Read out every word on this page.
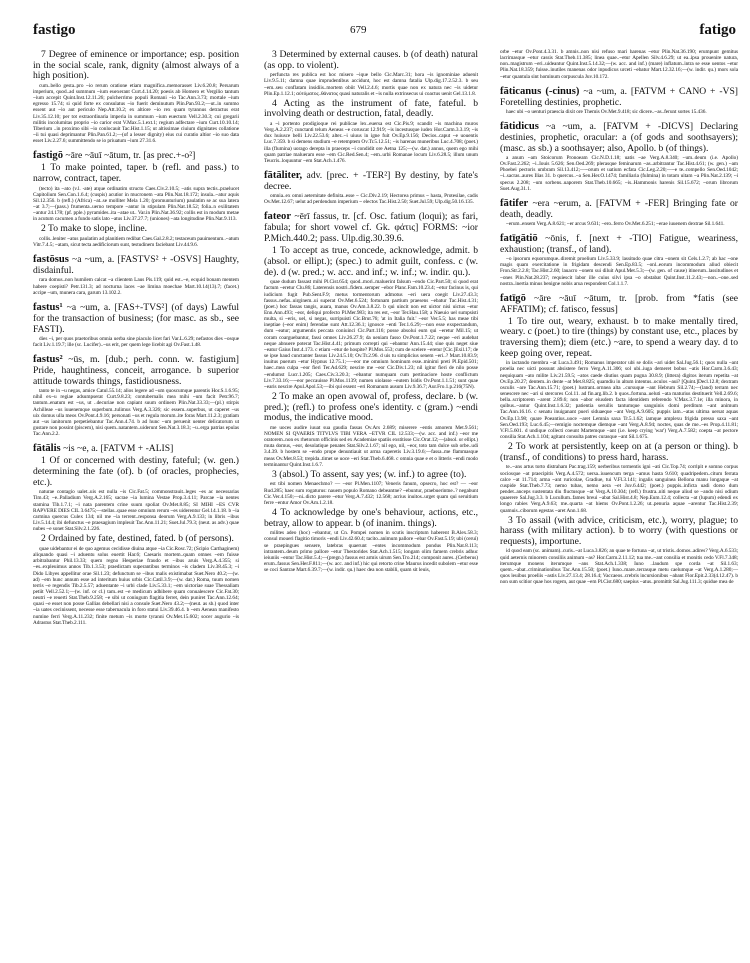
fastigo	679	fatigo
7 Degree of eminence or importance; esp. position in the social scale, rank, dignity (almost always of a high position).
cum..bello gesta..pro ~io rerum oratione etiam magnifica..memorasset Liv.6.20.8; Persarum imperium, quod..ad summum ~ium euexerant Curt.4.14.20; poesis ab Homero et Vergilio tantum ~ium accepit Quint.Inst.12.11.26; pulcherrimo populi Romani ~io Tac.Ann.3.73; mortale ~ium egresso 15.74; si quid forte ex consulatus ~io fuerit deminutum Plin.Pan.93.2;—ut..in summo essent aut ~io aut periculo Nep.Att.10.2; ex altiore ~io rex quam tyrannus detractus erat Liv.35.12.10; per tot extraordinaria imperia in summum ~ium euectum Vell.2.30.3; cui gregarii militis incolumitas proprio ~io carior erat V.Max.5.1.ext.1; regium adfectare ~ium Curt.10.10.14; Tiberium ..in proximo sibi ~io conlocauit Tac.Hist.1.15; ut altissimae ciuium dignitates collatione ~ii tui quasi deprimantur Plin.Pan.61.2;—(of a lesser dignity) eius cui curatio altior ~io suo data esset Liv.2.27.6; summittendo se io priuatum ~ium 27.31.6.
fastigō ~āre ~āuī ~ātum, tr. [as prec.+-o²]
1 To make pointed, taper. b (refl. and pass.) to narrow, contract, taper.
(tecto) ita ~ato (v.l. -ate) atque ordinatim structo Caes.Civ.2.10.5; ~atis supra tectis..praelucet Capitolium Sen.Con.1.6.4; (cuspis) acutior in mucronem ~ata Plin.Nat.18.172; insula..~atur aquis Sil.12.356. b (refl.) (Africa) ~at..se molliter Mela 1.20; (promunturium) paulatim se ac sua latera ~at 3.7;—(pass.) frumenta..uerno tempore ~antur in stipulam Plin.Nat.18.52; folia..n exilitatem ~antur 24.178; (pf. pple.) pyramides..ita ~atae ut.. Var.in Plin.Nat.36.92; collis est in modum metae in acutum cacumen a fundo satis lato ~atus Liv.37.27.7; (uniones) ~ata longitudine Plin.Nat.9.113.
2 To make to slope, incline.
collis..leniter ~atus paulatim ad planitiem redibat Caes.Gal.2.8.2; testaceum pauimentum..~atum Vitr.7.4.5; ~atam, sicut tecta aedificiorum sunt, testudinem faciebant Liv.44.9.6.
fastōsus ~a ~um, a. [FASTVS² + -OSVS] Haughty, disdainful.
rara domus..non humilem calcat ~a clientem Laus Pis.119; quid est..~e, ecquid bonam mentem habere coepisti? Petr.131.3; ad nocturna laces ~ae limina moechae Mart.10.14(13).7; (facet.) accipe ~um, munera cara, garum 13.102.2.
fastus¹ ~a ~um, a. [FAS+-TVS²] (of days) Lawful for the transaction of business; (for masc. as sb., see FASTI).
dies ~i, per quos praetoribus omnia uerba sine piaculo licet fari Var.L.6.29; nefastos dies ~osque facit Liv.1.19.7; ille (sc. Lucifer)..~us erit, per quem lege licebit agi Ov.Fast.1.48.
fastus² ~ūs, m. [dub.; perh. conn. w. fastigium] Pride, haughtiness, conceit, arrogance. b superior attitude towards things, fastidiousness.
tanto te in ~u negas, amice Catul.55.14; alios legere ad ~um quoscumque parentis Hor.S.1.6.95; nihil ex~u regiae adsumpserat Curt.9.8.23; contubernalis mea mihi ~um facit Petr.96.7; tantum..enatum est ~us, ut ..decuriae non capiant suum ordinem Plin.Nat.33.33;—(pl.) stirpis Achilleae ~us iuuenemque superbum..tulimus Verg.A.3.326; sic essem..superbus, ut caperet ~us uix domus ulla meos Ov.Pont.4.9.16; personati ~us et regula morum..ite foras Mart.11.2.3; gratiam aut ~us ianitorum perpetiebantur Tac.Ann.4.74. b ad hunc ~um peruenit uenter delicatorum ut gustare non possint (piscem), nisi quem..natantem..uiderunt Sen.Nat.3.18.3; ~u..erga patrias epulas Tac.Ann.2.2.
fātālis ~is ~e, a. [FATVM + -ALIS]
1 Of or concerned with destiny, fateful; (w. gen.) determining the fate (of). b (of oracles, prophecies, etc.).
naturae contagio ualet..uis est nulla ~is Cic.Fat.5; commonstrauit..leges ~es ac necessarias Tim.43; ~e..Palladium Verg.A.2.165; sacrae ~ia lumina Vestae Prop.3.4.11; Parcae ~ia nentes stamina Tib.1.7.1; ~i nata parentem crine suum spoliat Ov.Met.8.85; SI MIHI ~ES CVR RAPVERE DIES CIL 3.6475;—stellas..quae esse omnium rerum ~es uiderentur Gel.14.1.18. b ~ia carmina quercus Culex 134; nil me ~ia terrent..responsa deorum Verg.A.9.133; in libris ~ibus Liv.5.14.4; ibi defunctus ~e praesagium impleuit Tac.Ann.11.21; Suet.Jul.79.3; (neut. as adv.) quae nubes ~e sonet Stat.Silv.2.1.226.
2 Ordained by fate, destined, fated. b (of persons).
quae uidebantur ei de quo agemus cecidisse diuina atque ~ia Cic.Rosc.72; (Scipio Carthaginem) aliquando quasi ~i aduentu solus euertit Har.6; Caesaris mortem..quam omnes ~em fuisse arbitrabantur Phil.13.33; quem regno Hesperiae fraudo et ~ibus aruis Verg.A.4.355; si ~es..expleuimus annos Tib.1.3.53; praedictam superantibus terminos ~is cladem Liv.38.45.3; ~i Dido Libyes appellitur orae Sil.1.23; defunctum se ~ibus malis existimabat Suet.Nero 40.2;—(w. ad) ~em hunc annum esse ad interitum huius urbis Cic.Catil.3.9;—(w. dat.) Roma, tuum nomen terris ~e regendis Tib.2.5.57; aduentante ~i urbi clade Liv.5.33.1; ~em uictoriae suae Thessaliam petiit Vell.2.52.1;—(w. inf. or cl.) tam..est ~e medicum adhibere quam conualescere Cic.Fat.30; neutri ~e reuerti Stat.Theb.9.258; ~e sibi ut coniugum flagitia ferret, dein puniret Tac.Ann.12.64; quasi ~e esset non posse Gallias debellari nisi a consule Suet.Nero 43.2;—(neut. as sb.) quod inter ~ia uates cecinissent, necesse esse tabernacula in foro statui Liv.39.46.4. b ~em Aenean manifesto numine ferri Verg.A.11.232; finite metum ~is morte tyranni Ov.Met.15.602; socer augurio ~is Adrastus Stat.Theb.2.111.
3 Determined by external causes. b (of death) natural (as opp. to violent).
perfuncta res publica est hoc misero ~ique bello Cic.Marc.31; hora ~is ignominiae aduenit Liv.9.5.11; damna quae imprudentibus accidunt, hoc est damna fatalia Ulp.dig.17.2.52.3. b seu ~em..seu conflatam insidiis..mortem obiit Vell.2.4.6; mortis quae non ex natura nec ~is uidetur Plin.Ep.1.12.1; αὐτόματος..θάνατος quasi naturalis et ~is nulla extrinsecus ui coactus uenit Gel.13.1.8.
4 Acting as the instrument of fate, fateful. b involving death or destruction, fatal, deadly.
a ~i portento prodigioque rei publicae lex..euersa est Cic.Pis.9; scandit ~is machina muros Verg.A.2.237; cunctanti telum Aeneas ~e coruscat 12.919; ~is incestusque iudex Hor.Carm.3.3.19; ~is dux huiusce belli Liv.22.53.6; alter..~i uiuus in igne fuit Ov.Ep.9.156; Decios..caput ~e uouentis Luc.7.359. b si demens studium ~e retemptem Ov.Tr.5.12.51; ~is harenas muneribus Luc.4.708; (poet.) illa (flumina) uorago derepta in praeceps ~i condidit ore Aetna 125;—(w. dat.) annus, quem ego mihi quam patriae malueram esse ~em Cic.Red.Sen.4; ~em..urbi Romanae locum Liv.6.28.5; illum unum Teucris..loquuntur ~em Stat.Ach.1.476.
fātāliter, adv. [prec. + -TER²] By destiny, by fate's decree.
omnia..ex omni aeternitate definita..esse ~ Cic.Div.2.19; Hectorea primus ~ hasta, Protesilae, cadis Ov.Met.12.67; uelut ad perdendum imperium ~ electos Tac.Hist.2.50; Suet.Jul.59; Ulp.dig.50.16.135.
fateor ~ērī fassus, tr. [cf. Osc. fatium (loqui); as fari, fabula; for short vowel cf. Gk. φάτις] FORMS: ~ior P.Mich.440.2; pass. Ulp.dig.30.39.6.
1 To accept as true, concede, acknowledge, admit. b (absol. or ellipt.); (spec.) to admit guilt, confess. c (w. de). d (w. pred.; w. acc. and inf.; w. inf.; w. indir. qu.).
quae dudum fassast mihi Pl.Cist.654; quod..mori..maluerint falsum ~endo Cic.Part.50; si quod erat factum ~eretur Clu.86; Laterensis nostri..fidem..semper ~ebor Planc.Fam.10.23.4; ~etur facinus is, qui iudicium fugit Pub.Sent.F.9; metus tormentorum admotus ~eri uera coegit Liv.27.43.3; fassus..nefas..uirginem..ui superat Ov.Met.6.524; fortunam partium praesens ~ebatur Tac.Hist.4.31; (poet.) hoc fassas tangis, auara, manus Ov.Am.3.8.22. b qui uincit non est uictor nisi uictus ~etur Enn.Ann.493; ~eor, deliqui profecto Pl.Mer.983; ita res est, ~eor Ter.Hau.158; a Naeuio uel sumpsisti multa, si ~eris, uel, si negas, surripuisti Cic.Brut.76; 'at in Italia fuit.' ~eor Ver.5.5; has meae tibi ineptiae (~eor enim) ferendae sunt Att.12.36.1; ignosce ~enti Ter.1.6.29;—non esse exspectandum, dum ~eatur; argumentis peccata coniuinci Cic.Part.116; posse absolui eum qui ~eretur Mil.15; ut coram coarguebantur, fassi omnes Liv.26.27.9; da ueniam fasso Ov.Pont.1.7.22; neque ~eri audebat neque abnuere poterat Tac.Hist.4.41; primum correpti qui ~ebantur Ann.15.44; siue quis neget siue ~eatur Gaius Inst.4.173. c etiam ~etur de hospite? Pl.Mos.553; cum de scelere ~eretur [Cic.]Exil.17; de se ipse haud cunctanter fassus Liv.24.5.10; Ov.Tr.2.96. d uis tu simplicius senem ~eri..? Mart.10.83.9; inuitus puerum ~etur Hypnus 12.75.1;—~eor me omnium hominum esse..minimi preti Pl.Epid.501; haec..mea culpa ~eor fieri Ter.Ad.629; nescire me ~eor Cic.Div.1.23; nil igitur fieri de nilo posse ~endumst Lucr.1.205; Caes.Civ.3.20.3; ~ebantur numquam cum pertinaciore hoste conflictum Liv.7.33.16;—~eor peccauisse Pl.Mos.1139; numen uiolasse ~eutem Isidis Ov.Pont.1.1.51; sunt quae ~earis nescire Apul.Apol.53;—ibi qui essent ~eri Romanum ausum Liv.9.36.7; Aur.Fro.1.p.216(75N).
2 To make an open avowal of, profess, declare. b (w. pred.); (refl.) to profess one's identity. c (gram.) ~endi modus, the indicative mood.
me uoces audire iuuat sua gaudia fassas Ov.Ars 2.689; miserere ~entis amorem Met.9.561; NOMEN SI QVAERIS TITVLVS TIBI VERA ~ETVR CIL 12.533;—(w. acc. and inf.) ~eor me oratorem..non ex rhetorum officinis sed ex Academiae spatiis exstitisse Cic.Orat.12;—(absol. or ellipt.) muta domus, ~eor, desolatique penates Stat.Silv.2.1.67; nil ego, nil, ~eor, toto tam dulce sub orbe..udi 3.4.39. b hostem se ~endo prope denuntiauit ut arma caperetis Liv.3.19.6;—fassa..me flammasque meas Ov.Met.8.53; trepida..timet se uoce ~eri Stat.Theb.6.468. c omnia quae e et o litteris ~endi modo terminantur Quint.Inst.1.6.7.
3 (absol.) To assent, say yes; (w. inf.) to agree (to).
est tibi nomen Menaechmo? — ~eor Pl.Men.1107; Veneris fanum, opsecro, hoc est? — ~eor Rud.285; haec sum rogaturus: nauem populo Romano debeantne? ~ebuntur, praebuerintne..? negabunt Cic.Ver.4.150;—ni..dicto parere ~etur Verg.A.7.432; 12.568; acrius inuitos..urget quam qui seruitium ferre ~entur Amor Ov.Am.1.2.18.
4 To acknowledge by one's behaviour, actions, etc., betray, allow to appear. b (of inanim. things).
milites adeo (hoc) ~ebantur, ut Cn. Pompei nomen in scutis inscriptum haberent B.Alex.58.3; consul moueri flagitio timoris ~endi Liv.42.60.4; tacito..animum pallore ~ebar Ov.Fast.5.19; ubi (cerui) se praepingues sensere, latebras quaerunt ~entes incommodum pondus Plin.Nat.8.113; intrantem..deum primo pallore ~etur Thestorides Stat.Ach.1.515; longam olim famem crebris adhuc ieiuniis ~entur Tac.Hist.5.4;—(pregn.) fassus est armis uirum Sen.Tro.214; componit aures..(Cerberus) erum..fassus Sen.Her.F.811;—(w. acc. and inf.) hic qui retorto crine Maurus incedit subolem ~etur esse se coci Santrae Mart.6.39.7;—(w. indir. qu.) haec dea non stabili, quam sit leuis,
orbe ~etur Ov.Pont.4.3.31. b amnis..non nisi refuso mari harenas ~etur Plin.Nat.36.190; erumpunt gemitus lacrimasque ~etur cassis Stat.Theb.11.385; linea quae..~etur Apellen Silv.4.6.29; ut ea..ipsa prouenire natura, non..magistrum ~eri..uideantur Quint.Inst.5.14.32;—(w. acc. and inf.) (mare) inflatum..intra se esse uentos ~etur Plin.Nat.18.359; fuisse..inutiles manenas odor inpudicus urceti ~ebatur Mart.12.32.16;—(w. indir. qu.) mors sola ~etur quantula sint hominum corpuscula Juv.10.172.
fāticanus (-cinus) ~a ~um, a. [FATVM + CANO + -VS] Foretelling destinies, prophetic.
haec ubi ~o uenturi praescia dixit ore Themis Ov.Met.9.418; sic dicere..~as..ferunt sortes 15.436.
fātidicus ~a ~um, a. [FATVM + -DICVS] Declaring destinies, prophetic, oracular: a (of gods and soothsayers); (masc. as sb.) a soothsayer; also, Apollo. b (of things).
a anum ~am Stoicorum Pronoeam Cic.N.D.1.18; uatis ~ae Verg.A.8.340; ~um..deum (i.e. Apollo) Ov.Fast.2.262; ~i..Iouis 5.626; Sen.Oed.269; plerasque feminarum ~as..arbitrantur Tac.Hist.4.61; (w. gen.) ~am Phoebei pectoris umbram Sil.13.412;—~orum et uatium ecfata Cic.Leg.2.20;—~e te..compello Sen.Oed.1042; ~i..sacras..aures Ilias 31. b quercus..~a Sen.Her.O.1474; familiaria (fulmina) in totam uitam ~a Plin.Nat.2.139; ~i specus 2.208; ~um sorbens..uaporem Stat.Theb.10.665; ~is..Hammonis harenis Sil.15.672; ~orum librorum Suet.Aug.31.1.
fātifer ~era ~erum, a. [FATVM + -FER] Bringing fate or death, deadly.
~erum..ensem Verg.A.8.621; ~er arcus 9.631; ~ero..ferro Ov.Met.6.251; ~erae iuuenem dextrae Sil.1.641.
fatīgātiō ~ōnis, f. [next + -TIO] Fatigue, weariness, exhaustion; (transf., of land).
~o ipsorum equorumque..diremit proelium Liv.5.33.9; lassitudo quae citra ~onem sit Cels.1.2.7; ab hac ~one magis quam exercitatione in frigidam descendi Sen.Ep.83.5; ~onl..eorum incommodum aliud obiecit Fron.Str.2.2.8; Tac.Hist.2.60; lauacro ~onem sui diluit Apul.Met.5.3;—(w. gen. of cause) itinerum..lassitudines et ~ones Plin.Nat.28.237; requiescit labor ille cuius silvi ipsa ~o obstabat Quint.Inst.11.2.43;—non..~one..sed nostra..inertia minus benigne nobis arua respondent Col.1.1.7.
fatīgō ~āre ~āuī ~ātum, tr. [prob. from *fatis (see AFFATIM); cf. fatisco, fessus]
1 To tire out, weary, exhaust. b to make mentally tired, weary. c (poet.) to tire (things) by constant use, etc., places by traversing them); diem (etc.) ~are, to spend a weary day. d to keep going over, repeat.
in iactando membra ~at Luca.3.491; Romanus imperator ubi se dolis ~ari uidet Sal.Jug.56.1; quos nulla ~ant proelia nec uicti possunt absistere ferro Verg.A.11.306; sol ubi..iuga demeret bobus ~atis Hor.Carm.3.6.43; nequiquam ~ato milite Liv.21.59.5; ~atos caede diutius quam pugna 30.8.9; (littera) digitos iterum repetita ~at Ov.Ep.20.27; dentem..in dente ~at Met.8.825; quamdiu in altum intentus..oculos ~aui? [Quint.]Decl.12.8; dextram osculis ~are Tac.Ann.15.71; (poet.) lustrant..ornnea alta ..cursuque ~ant Hebrum Sil.2.74;—(land) terram nec senescere nec ~ari si stercores Col.11. ad fin.arg.lib.2. b quos..fortuna..ueluti ~ata maturius destituerit Vell.2.69.6; bella..scriptorem ~arent 2.89.6; non ~abor eiusdem facta identidem referendo V.Max.3.7.1e; illa minora, in quibus..~antur Quint.Inst.1.6.32; patientia seruilis tantumque sanguinis domi perditum ~ant animum Tac.Ann.16.16. c senatu inuiganant pueri siduaeque ~ant Verg.A.9.605; puppis iam..~atas ultima uersat aquas Ov.Ep.13.98; quare Poeantius..uoce ~aret Lemnia saxa Tr.5.1.62; iamque amplexu frigida presso saxa ~ant Sen.Oed.193; Luc.6.45;—remigio noctemque diemque ~ant Verg.A.8.94; noctes, quas de me..~es Prop.4.11.81; V.Fl.5.601. d undique collecti coeunt Martemque ~ant (i.e. keep crying 'war') Verg.A.7.582; coepta ~at pectore consilia Stat.Ach.1.104; agitant consulta patres curasque ~ant Sil.1.675.
2 To work at persistently, keep on at (a person or thing). b (transf., of conditions) to press hard, harass.
te..~ans artus torto distraham Pac.trag.159; uerberibus tormentis igni ~ati Cic.Top.74; corripit e somno corpus sociosque ~at praecipitis Verg.A.4.572; uersa..iuuencum terga ~amus hasta 9.610; quadripedem..citum ferrata calce ~at 11.714; arma ~ant ruricolae, Gradiue, tui V.Fl.3.141; ingalis sanguinea Bellona manu longaque ~at cuspide Stat.Theb.7.73; nemo tubas, nemo aera ~et Juv.6.442; (poet.) puppis..inficta uadi dorso dum pendet..anceps sustentata diu fluctusque ~at Verg.A.10.304; (refl.) frustra..niti neque aliud se ~ando nisi odium quaerere Sal.Jug.3.3. b Lucullum..fames breui ~abat Sal.Hist.4.8; Nep.Eum.12.4; collecta ~at (lupum) edendi ex longo rabies Verg.A.9.63; me..quarta ~at hiems Ov.Pont.1.2.26; ut..penuria aquae ~arentur Tac.Hist.2.39; quamuis..ciborum egestas ~aret Ann.1.68.
3 To assail (with advice, criticism, etc.), worry, plague; to harass (with military action). b to worry (with questions or requests), importune.
id quod eam (sc. animam)..curis..~at Luca.3.826; an quae te fortuna ~at, ut tristis..domos..adires? Verg.A.6.533; quid aeternis minorem consiliis animum ~as? Hor.Carm.2.11.12; tua me..~ant consilia et monitis cedo V.Fl.7.348; iterumque monens iterumque ~ans Stat.Ach.1.338; Iuno ..laudum spe corda ~at Sil.1.63; quem..~abat..criminationibus Tac.Ann.15.50; (poet.) Iuno..mare..terrasque metu caelumque ~at Verg.A.1.280;—quos leuibus proeliis ~astis Liv.27.13.4; 28.16.4; Vaccaeos..crebris incursionibus ~abant Flor.Epit.2.33(4.12.47). b non sum scitior quae hos rogem, aut quae ~em Pl.Cist.680; saepius ~atus..promittit Sal.Jug.111.3; quidue mea de
